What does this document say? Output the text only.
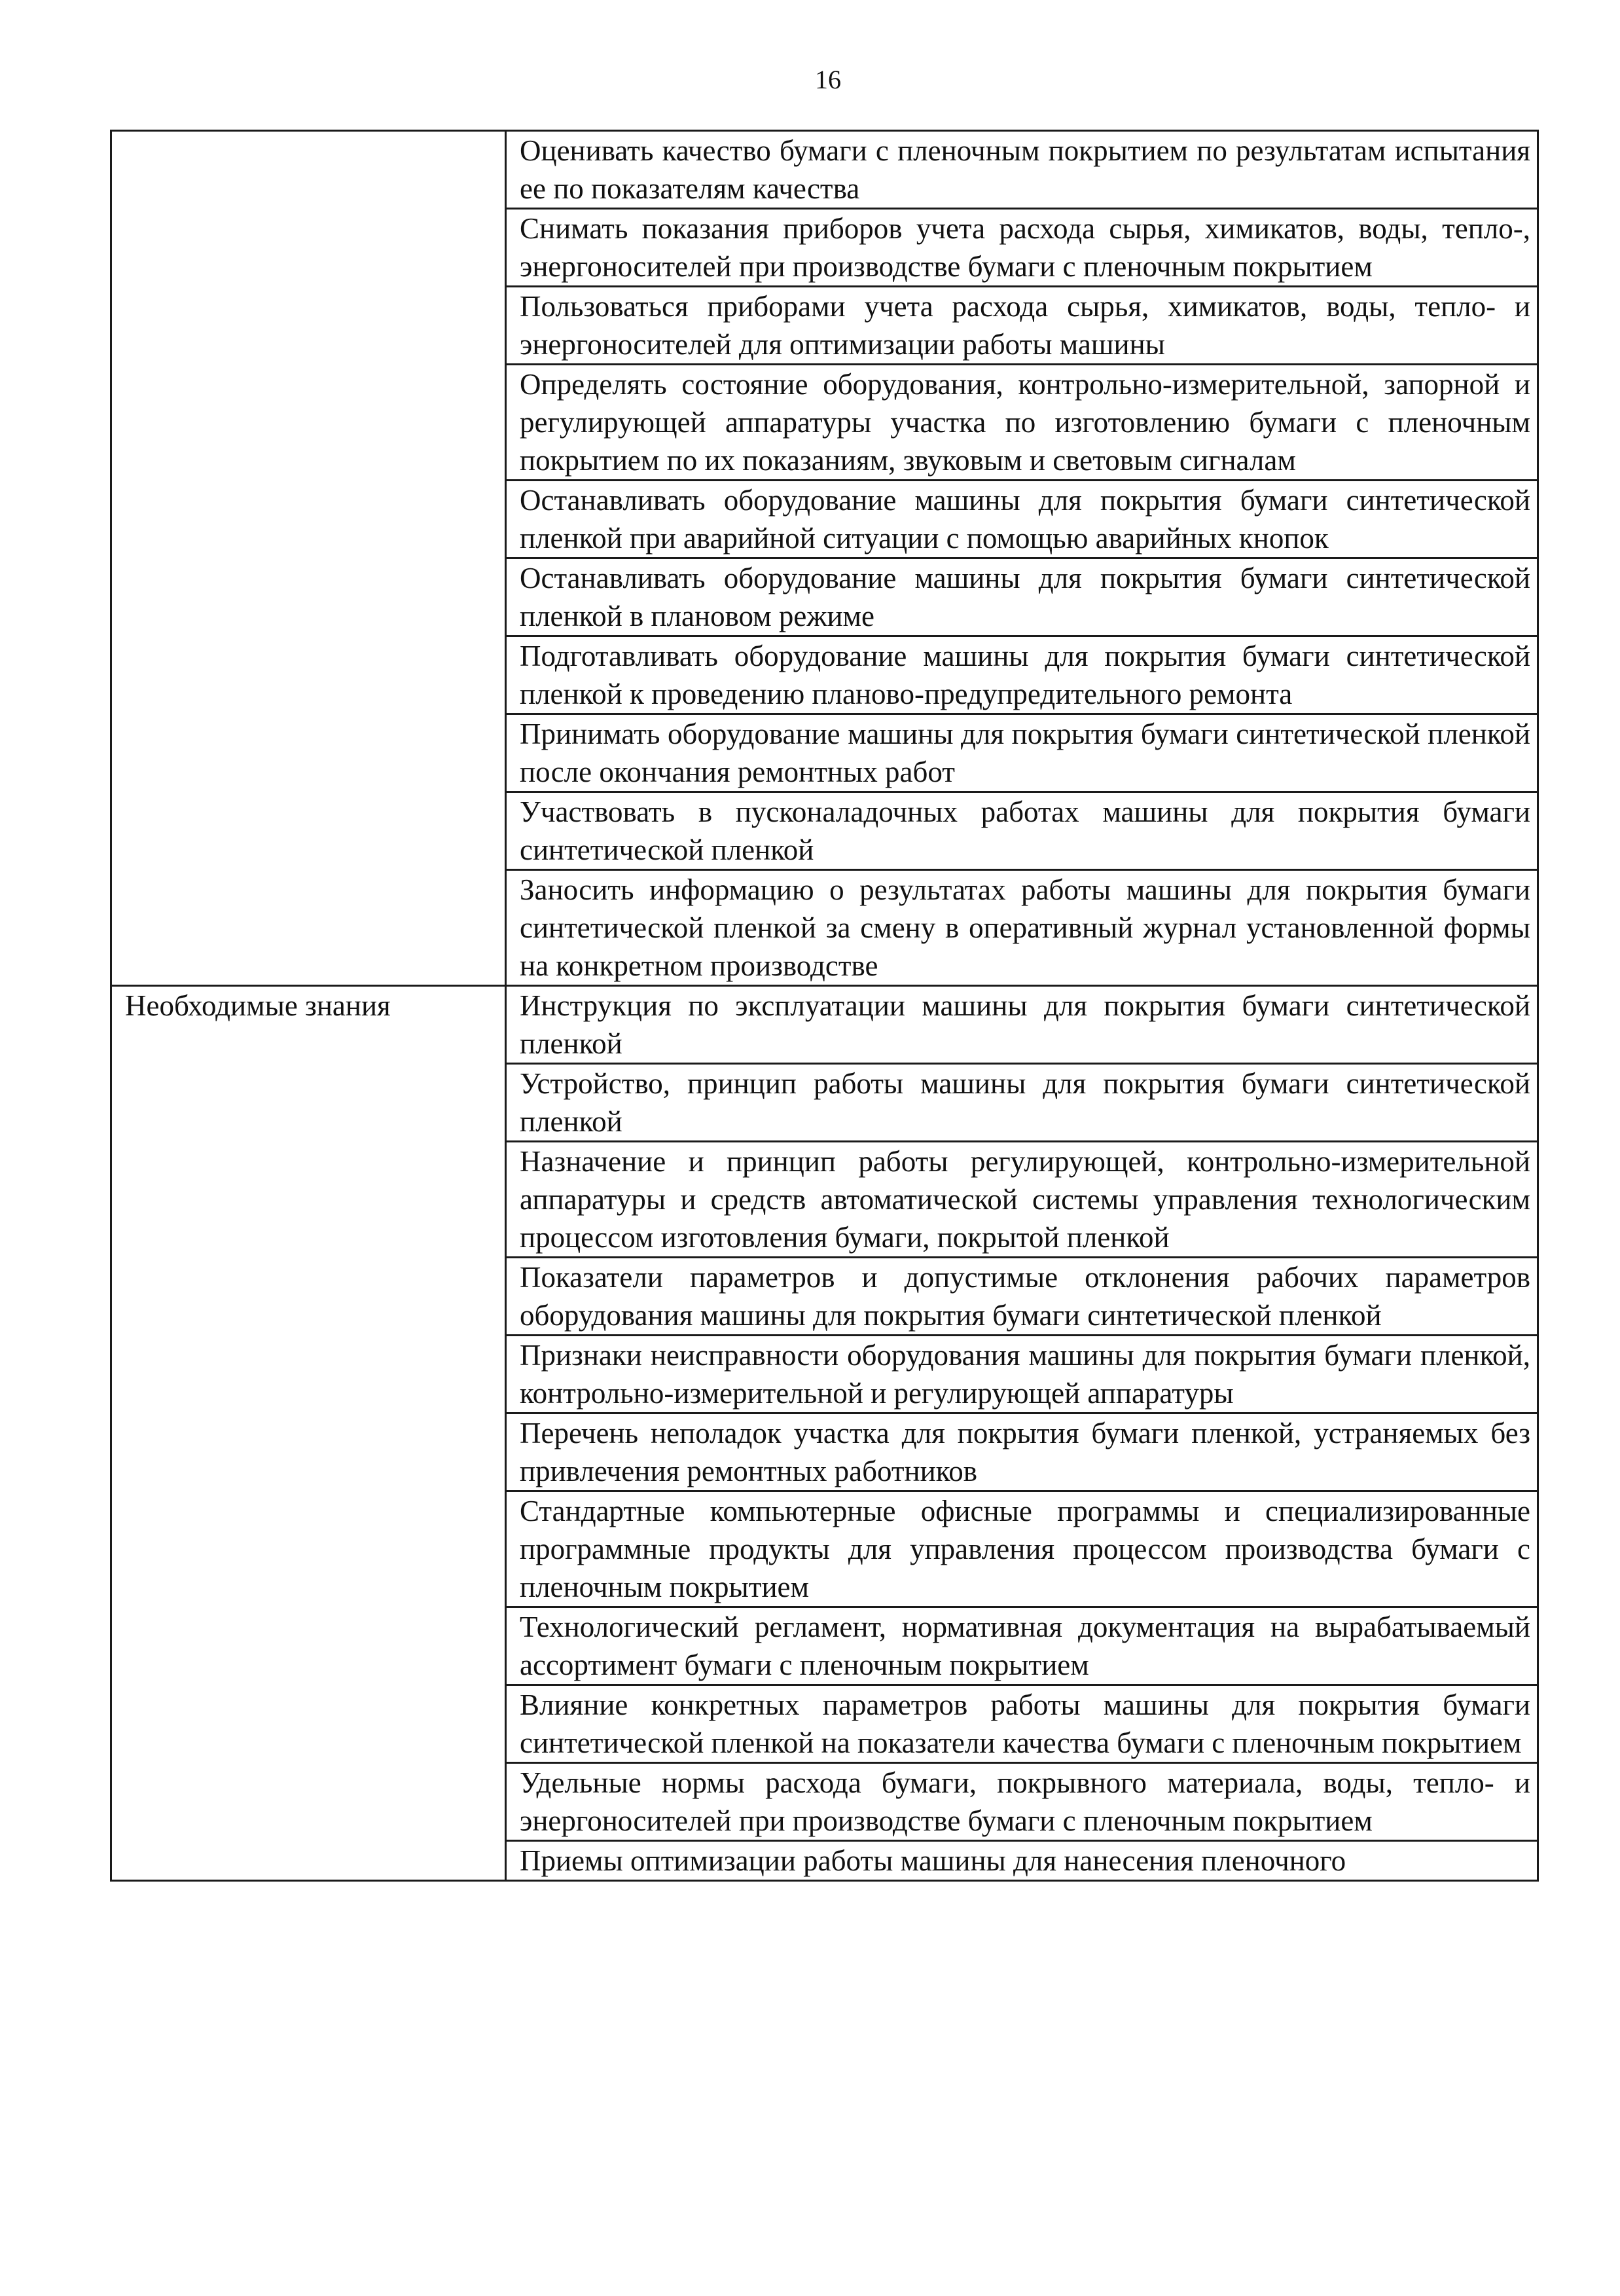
16
	Оценивать качество бумаги с пленочным покрытием по результатам испытания ее по показателям качества
	Снимать показания приборов учета расхода сырья, химикатов, воды, тепло-, энергоносителей при производстве бумаги с пленочным покрытием
	Пользоваться приборами учета расхода сырья, химикатов, воды, тепло- и энергоносителей для оптимизации работы машины
	Определять состояние оборудования, контрольно-измерительной, запорной и регулирующей аппаратуры участка по изготовлению бумаги с пленочным покрытием по их показаниям, звуковым и световым сигналам
	Останавливать оборудование машины для покрытия бумаги синтетической пленкой при аварийной ситуации с помощью аварийных кнопок
	Останавливать оборудование машины для покрытия бумаги синтетической пленкой в плановом режиме
	Подготавливать оборудование машины для покрытия бумаги синтетической пленкой к проведению планово-предупредительного ремонта
	Принимать оборудование машины для покрытия бумаги синтетической пленкой после окончания ремонтных работ
	Участвовать в пусконаладочных работах машины для покрытия бумаги синтетической пленкой
	Заносить информацию о результатах работы машины для покрытия бумаги синтетической пленкой за смену в оперативный журнал установленной формы на конкретном производстве
Необходимые знания	Инструкция по эксплуатации машины для покрытия бумаги синтетической пленкой
	Устройство, принцип работы машины для покрытия бумаги синтетической пленкой
	Назначение и принцип работы регулирующей, контрольно-измерительной аппаратуры и средств автоматической системы управления технологическим процессом изготовления бумаги, покрытой пленкой
	Показатели параметров и допустимые отклонения рабочих параметров оборудования машины для покрытия бумаги синтетической пленкой
	Признаки неисправности оборудования машины для покрытия бумаги пленкой, контрольно-измерительной и регулирующей аппаратуры
	Перечень неполадок участка для покрытия бумаги пленкой, устраняемых без привлечения ремонтных работников
	Стандартные компьютерные офисные программы и специализированные программные продукты для управления процессом производства бумаги с пленочным покрытием
	Технологический регламент, нормативная документация на вырабатываемый ассортимент бумаги с пленочным покрытием
	Влияние конкретных параметров работы машины для покрытия бумаги синтетической пленкой на показатели качества бумаги с пленочным покрытием
	Удельные нормы расхода бумаги, покрывного материала, воды, тепло- и энергоносителей при производстве бумаги с пленочным покрытием
	Приемы оптимизации работы машины для нанесения пленочного
